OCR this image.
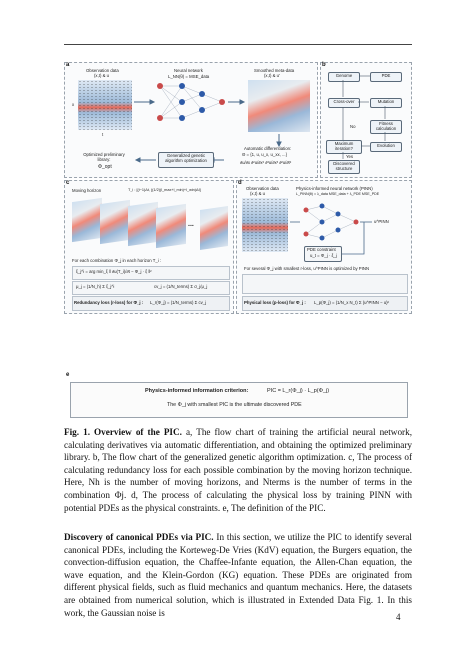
a
Observation data
(x,t) & u
x
t
Neural network
L_NN(θ) = MSE_data
Smoothed meta-data
(x,t) & u'
Automatic differentiation:
Θ = {1, u, u_x, u_xx, ...}
∂u/∂x ∂²u/∂x² ∂³u/∂x³ ∂²u/∂t²
Generalized genetic algorithm optimization
Optimized preliminary library:
Φ_opt
b
Genome	PDE
Cross-over	Mutation
No
Fitness calculation
Maximum iteration?
Evolution
Yes
Discovered structure
c
Moving horizon	T_i : [(i−1)Δt, ((1/2)(l_max+l_min)+l_win)Δt]
...
For each combination Φ_j in each horizon T_i :
ξ_j^i = arg min_ξ ‖ ∂u(T_i)/∂t − Φ_j · ξ ‖²
μ_j = (1/N_h) Σ ξ_j^i	cv_j = (1/N_terms) Σ σ_j/μ_j
Redundancy loss (r-loss) for Φ_j : L_r(Φ_j) = (1/N_terms) Σ cv_j
d
Observation data
(x,t) & u
Physics-informed neural network (PINN)
L_PINN(θ) = λ_data MSE_data + λ_PDE MSE_PDE
u^PINN
PDE constraint
u_t = Φ_j · ξ_j
For several Φ_j with smallest r-loss, u^PINN is optimized by PINN
Physical loss (p-loss) for Φ_j : L_p(Φ_j) = (1/N_x N_t) Σ (u^PINN − u)²
e
Physics-informed information criterion:	PIC = L_r(Φ_j) · L_p(Φ_j)
The Φ_j with smallest PIC is the ultimate discovered PDE
Fig. 1. Overview of the PIC. a, The flow chart of training the artificial neural network, calculating derivatives via automatic differentiation, and obtaining the optimized preliminary library. b, The flow chart of the generalized genetic algorithm optimization. c, The process of calculating redundancy loss for each possible combination by the moving horizon technique. Here, Nh is the number of moving horizons, and Nterms is the number of terms in the combination Φj. d, The process of calculating the physical loss by training PINN with potential PDEs as the physical constraints. e, The definition of the PIC.
Discovery of canonical PDEs via PIC. In this section, we utilize the PIC to identify several canonical PDEs, including the Korteweg-De Vries (KdV) equation, the Burgers equation, the convection-diffusion equation, the Chaffee-Infante equation, the Allen-Chan equation, the wave equation, and the Klein-Gordon (KG) equation. These PDEs are originated from different physical fields, such as fluid mechanics and quantum mechanics. Here, the datasets are obtained from numerical solution, which is illustrated in Extended Data Fig. 1. In this work, the Gaussian noise is	4
